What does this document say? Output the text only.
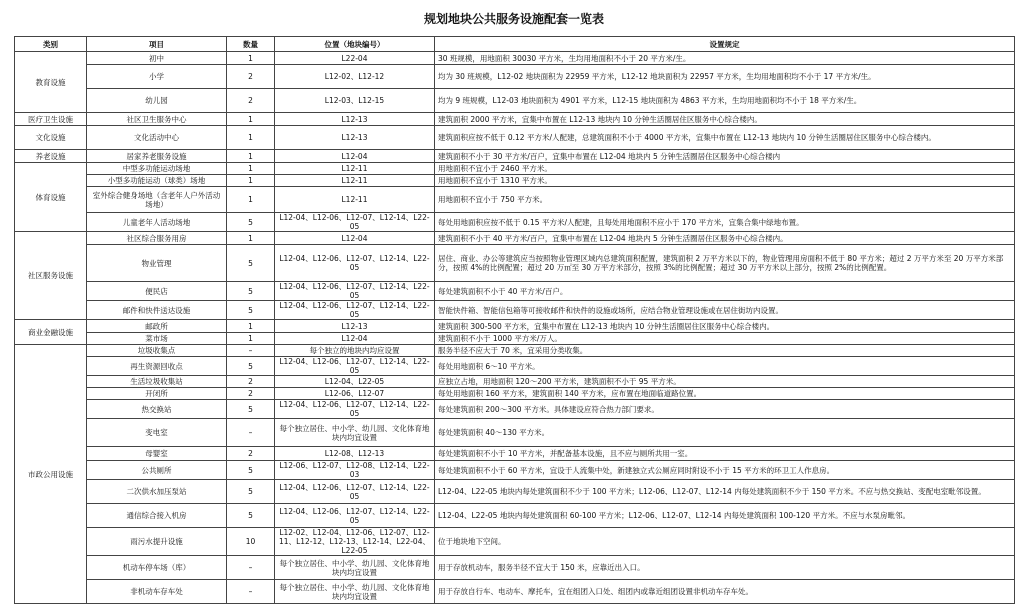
规划地块公共服务设施配套一览表
类别	项目	数量	位置（地块编号）	设置规定
教育设施	初中	1	L22-04	30 班规模，用地面积 30030 平方米，生均用地面积不小于 20 平方米/生。
	小学	2	L12-02、L12-12	均为 30 班规模，L12-02 地块面积为 22959 平方米，L12-12 地块面积为 22957 平方米，生均用地面积均不小于 17 平方米/生。
	幼儿园	2	L12-03、L12-15	均为 9 班规模，L12-03 地块面积为 4901 平方米，L12-15 地块面积为 4863 平方米，生均用地面积均不小于 18 平方米/生。
医疗卫生设施	社区卫生服务中心	1	L12-13	建筑面积 2000 平方米，宜集中布置在 L12-13 地块内 10 分钟生活圈居住区服务中心综合楼内。
文化设施	文化活动中心	1	L12-13	建筑面积应按不低于 0.12 平方米/人配建，总建筑面积不小于 4000 平方米，宜集中布置在 L12-13 地块内 10 分钟生活圈居住区服务中心综合楼内。
养老设施	居家养老服务设施	1	L12-04	建筑面积不小于 30 平方米/百户，宜集中布置在 L12-04 地块内 5 分钟生活圈居住区服务中心综合楼内
体育设施	中型多功能运动场地	1	L12-11	用地面积不宜小于 2460 平方米。
	小型多功能运动（球类）场地	1	L12-11	用地面积不宜小于 1310 平方米。
	室外综合健身场地（含老年人户外活动场地）	1	L12-11	用地面积不宜小于 750 平方米。
	儿童老年人活动场地	5	L12-04、L12-06、L12-07、L12-14、L22-05	每处用地面积应按不低于 0.15 平方米/人配建，且每处用地面积不应小于 170 平方米，宜集合集中绿地布置。
社区服务设施	社区综合服务用房	1	L12-04	建筑面积不小于 40 平方米/百户，宜集中布置在 L12-04 地块内 5 分钟生活圈居住区服务中心综合楼内。
	物业管理	5	L12-04、L12-06、L12-07、L12-14、L22-05	居住、商业、办公等建筑应当按照物业管理区域内总建筑面积配置，建筑面积 2 万平方米以下的，物业管理用房面积不低于 80 平方米；超过 2 万平方米至 20 万平方米部分，按照 4%的比例配置；超过 20 万㎡至 30 万平方米部分，按照 3%的比例配置；超过 30 万平方米以上部分，按照 2%的比例配置。
	便民店	5	L12-04、L12-06、L12-07、L12-14、L22-05	每处建筑面积不小于 40 平方米/百户。
	邮件和快件送达设施	5	L12-04、L12-06、L12-07、L12-14、L22-05	智能快件箱、智能信包箱等可接收邮件和快件的设施或场所，应结合物业管理设施或在居住街坊内设置。
商业金融设施	邮政所	1	L12-13	建筑面积 300-500 平方米，宜集中布置在 L12-13 地块内 10 分钟生活圈居住区服务中心综合楼内。
	菜市场	1	L12-04	建筑面积不小于 1000 平方米/万人。
市政公用设施	垃圾收集点	–	每个独立的地块内均应设置	服务半径不应大于 70 米，宜采用分类收集。
	再生资源回收点	5	L12-04、L12-06、L12-07、L12-14、L22-05	每处用地面积 6～10 平方米。
	生活垃圾收集站	2	L12-04、L22-05	应独立占地，用地面积 120～200 平方米，建筑面积不小于 95 平方米。
	开闭所	2	L12-06、L12-07	每处用地面积 160 平方米，建筑面积 140 平方米，应布置在地面临道路位置。
	热交换站	5	L12-04、L12-06、L12-07、L12-14、L22-05	每处建筑面积 200～300 平方米。具体建设应符合热力部门要求。
	变电室	–	每个独立居住、中小学、幼儿园、文化体育地块内均宜设置	每处建筑面积 40～130 平方米。
	母婴室	2	L12-08、L12-13	每处建筑面积不小于 10 平方米，并配备基本设施，且不应与厕所共用一室。
	公共厕所	5	L12-06、L12-07、L12-08、L12-14、L22-03	每处建筑面积不小于 60 平方米，宜设于人流集中处，新建独立式公厕应同时附设不小于 15 平方米的环卫工人作息房。
	二次供水加压泵站	5	L12-04、L12-06、L12-07、L12-14、L22-05	L12-04、L22-05 地块内每处建筑面积不少于 100 平方米；L12-06、L12-07、L12-14 内每处建筑面积不少于 150 平方米。不应与热交换站、变配电室毗邻设置。
	通信综合接入机房	5	L12-04、L12-06、L12-07、L12-14、L22-05	L12-04、L22-05 地块内每处建筑面积 60-100 平方米；L12-06、L12-07、L12-14 内每处建筑面积 100-120 平方米。不应与水泵房毗邻。
	雨污水提升设施	10	L12-02、L12-04、L12-06、L12-07、L12-11、L12-12、L12-13、L12-14、L22-04、L22-05	位于地块地下空间。
	机动车停车场（库）	–	每个独立居住、中小学、幼儿园、文化体育地块内均宜设置	用于存放机动车，服务半径不宜大于 150 米，应靠近出入口。
	非机动车存车处	–	每个独立居住、中小学、幼儿园、文化体育地块内均宜设置	用于存放自行车、电动车、摩托车，宜在组团入口处、组团内或靠近组团设置非机动车存车处。
